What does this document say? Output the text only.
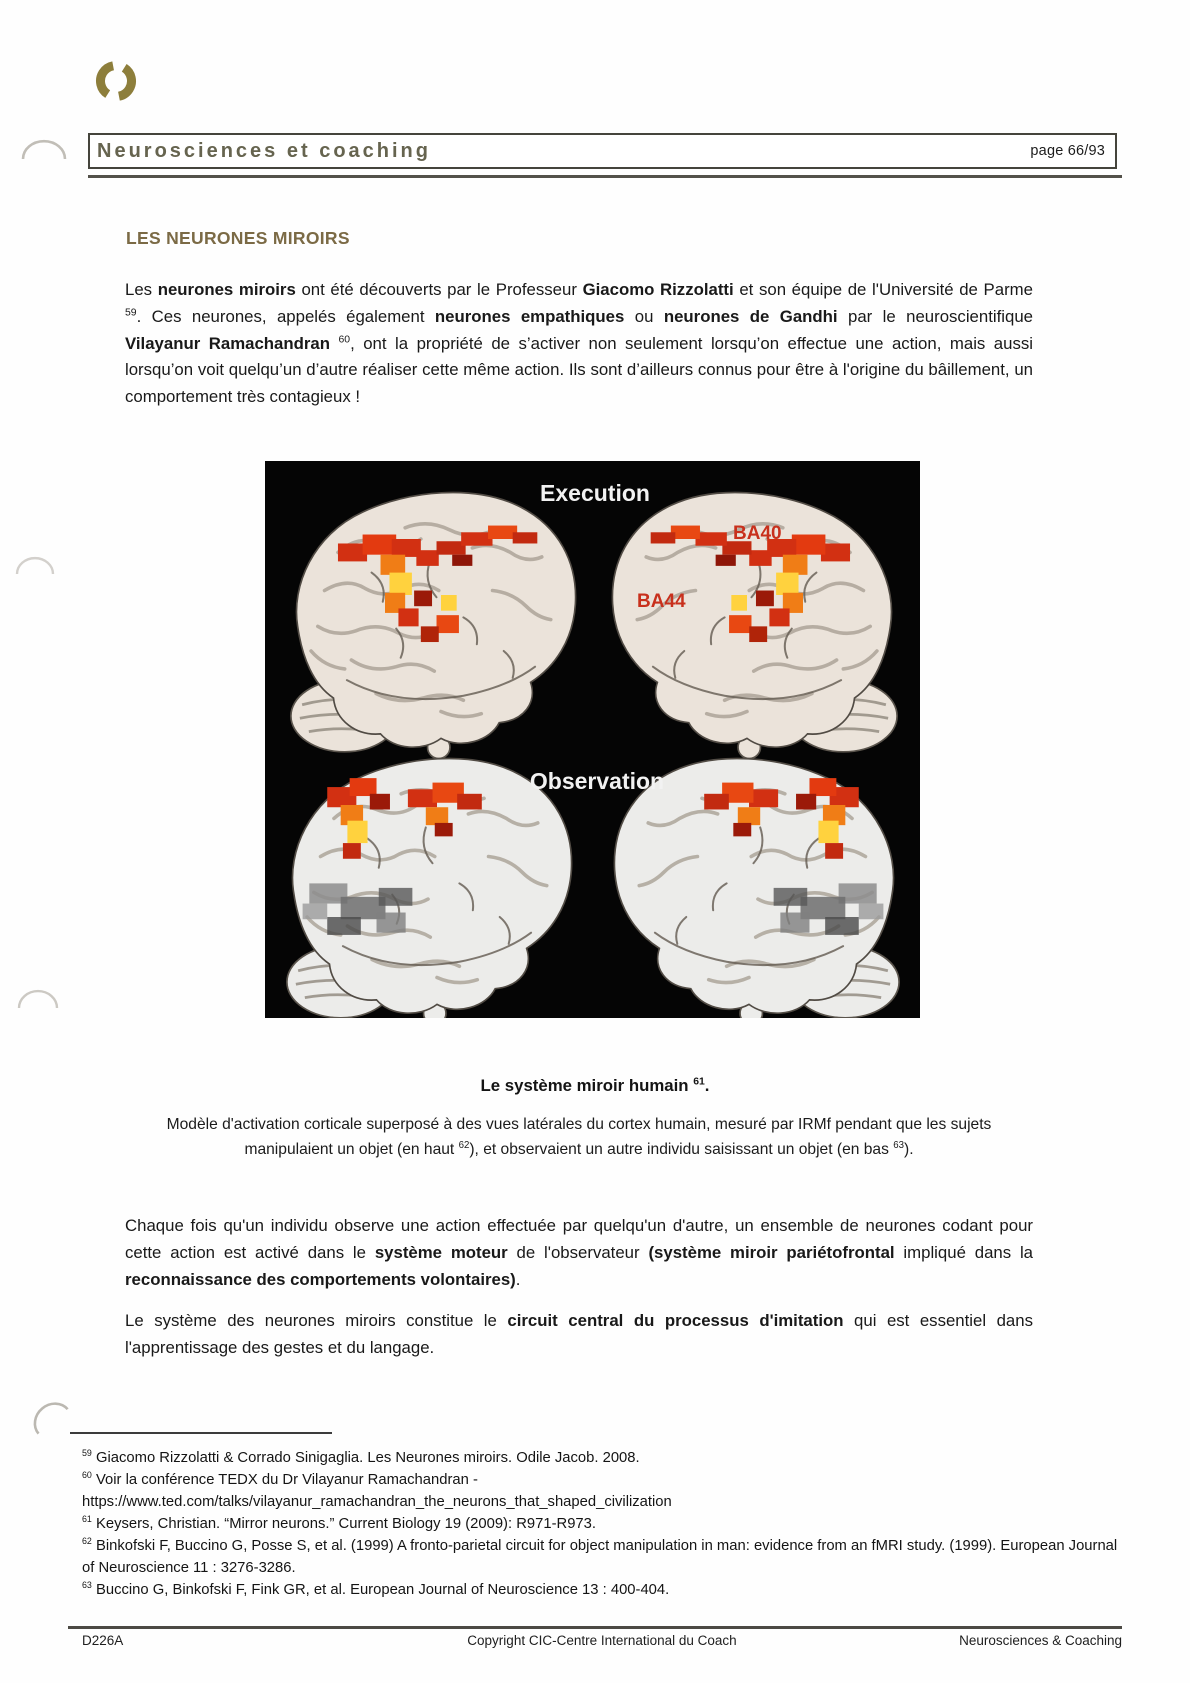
Neurosciences et coaching	page 66/93
LES NEURONES MIROIRS
Les neurones miroirs ont été découverts par le Professeur Giacomo Rizzolatti et son équipe de l'Université de Parme $^{59}$. Ces neurones, appelés également neurones empathiques ou neurones de Gandhi par le neuroscientifique Vilayanur Ramachandran $^{60}$, ont la propriété de s’activer non seulement lorsqu’on effectue une action, mais aussi lorsqu’on voit quelqu’un d’autre réaliser cette même action. Ils sont d’ailleurs connus pour être à l'origine du bâillement, un comportement très contagieux !
Execution
BA40
BA44
Observation
Le système miroir humain $^{61}$.
Modèle d'activation corticale superposé à des vues latérales du cortex humain, mesuré par IRMf pendant que les sujets manipulaient un objet (en haut $^{62}$), et observaient un autre individu saisissant un objet (en bas $^{63}$).
Chaque fois qu'un individu observe une action effectuée par quelqu'un d'autre, un ensemble de neurones codant pour cette action est activé dans le système moteur de l'observateur (système miroir pariétofrontal impliqué dans la reconnaissance des comportements volontaires).
Le système des neurones miroirs constitue le circuit central du processus d'imitation qui est essentiel dans l'apprentissage des gestes et du langage.
$^{59}$ Giacomo Rizzolatti & Corrado Sinigaglia. Les Neurones miroirs. Odile Jacob. 2008.
$^{60}$ Voir la conférence TEDX du Dr Vilayanur Ramachandran -
https://www.ted.com/talks/vilayanur_ramachandran_the_neurons_that_shaped_civilization
$^{61}$ Keysers, Christian. “Mirror neurons.” Current Biology 19 (2009): R971-R973.
$^{62}$ Binkofski F, Buccino G, Posse S, et al. (1999) A fronto-parietal circuit for object manipulation in man: evidence from an fMRI study. (1999). European Journal of Neuroscience 11 : 3276-3286.
$^{63}$ Buccino G, Binkofski F, Fink GR, et al. European Journal of Neuroscience 13 : 400-404.
D226A	Copyright CIC-Centre International du Coach	Neurosciences & Coaching
